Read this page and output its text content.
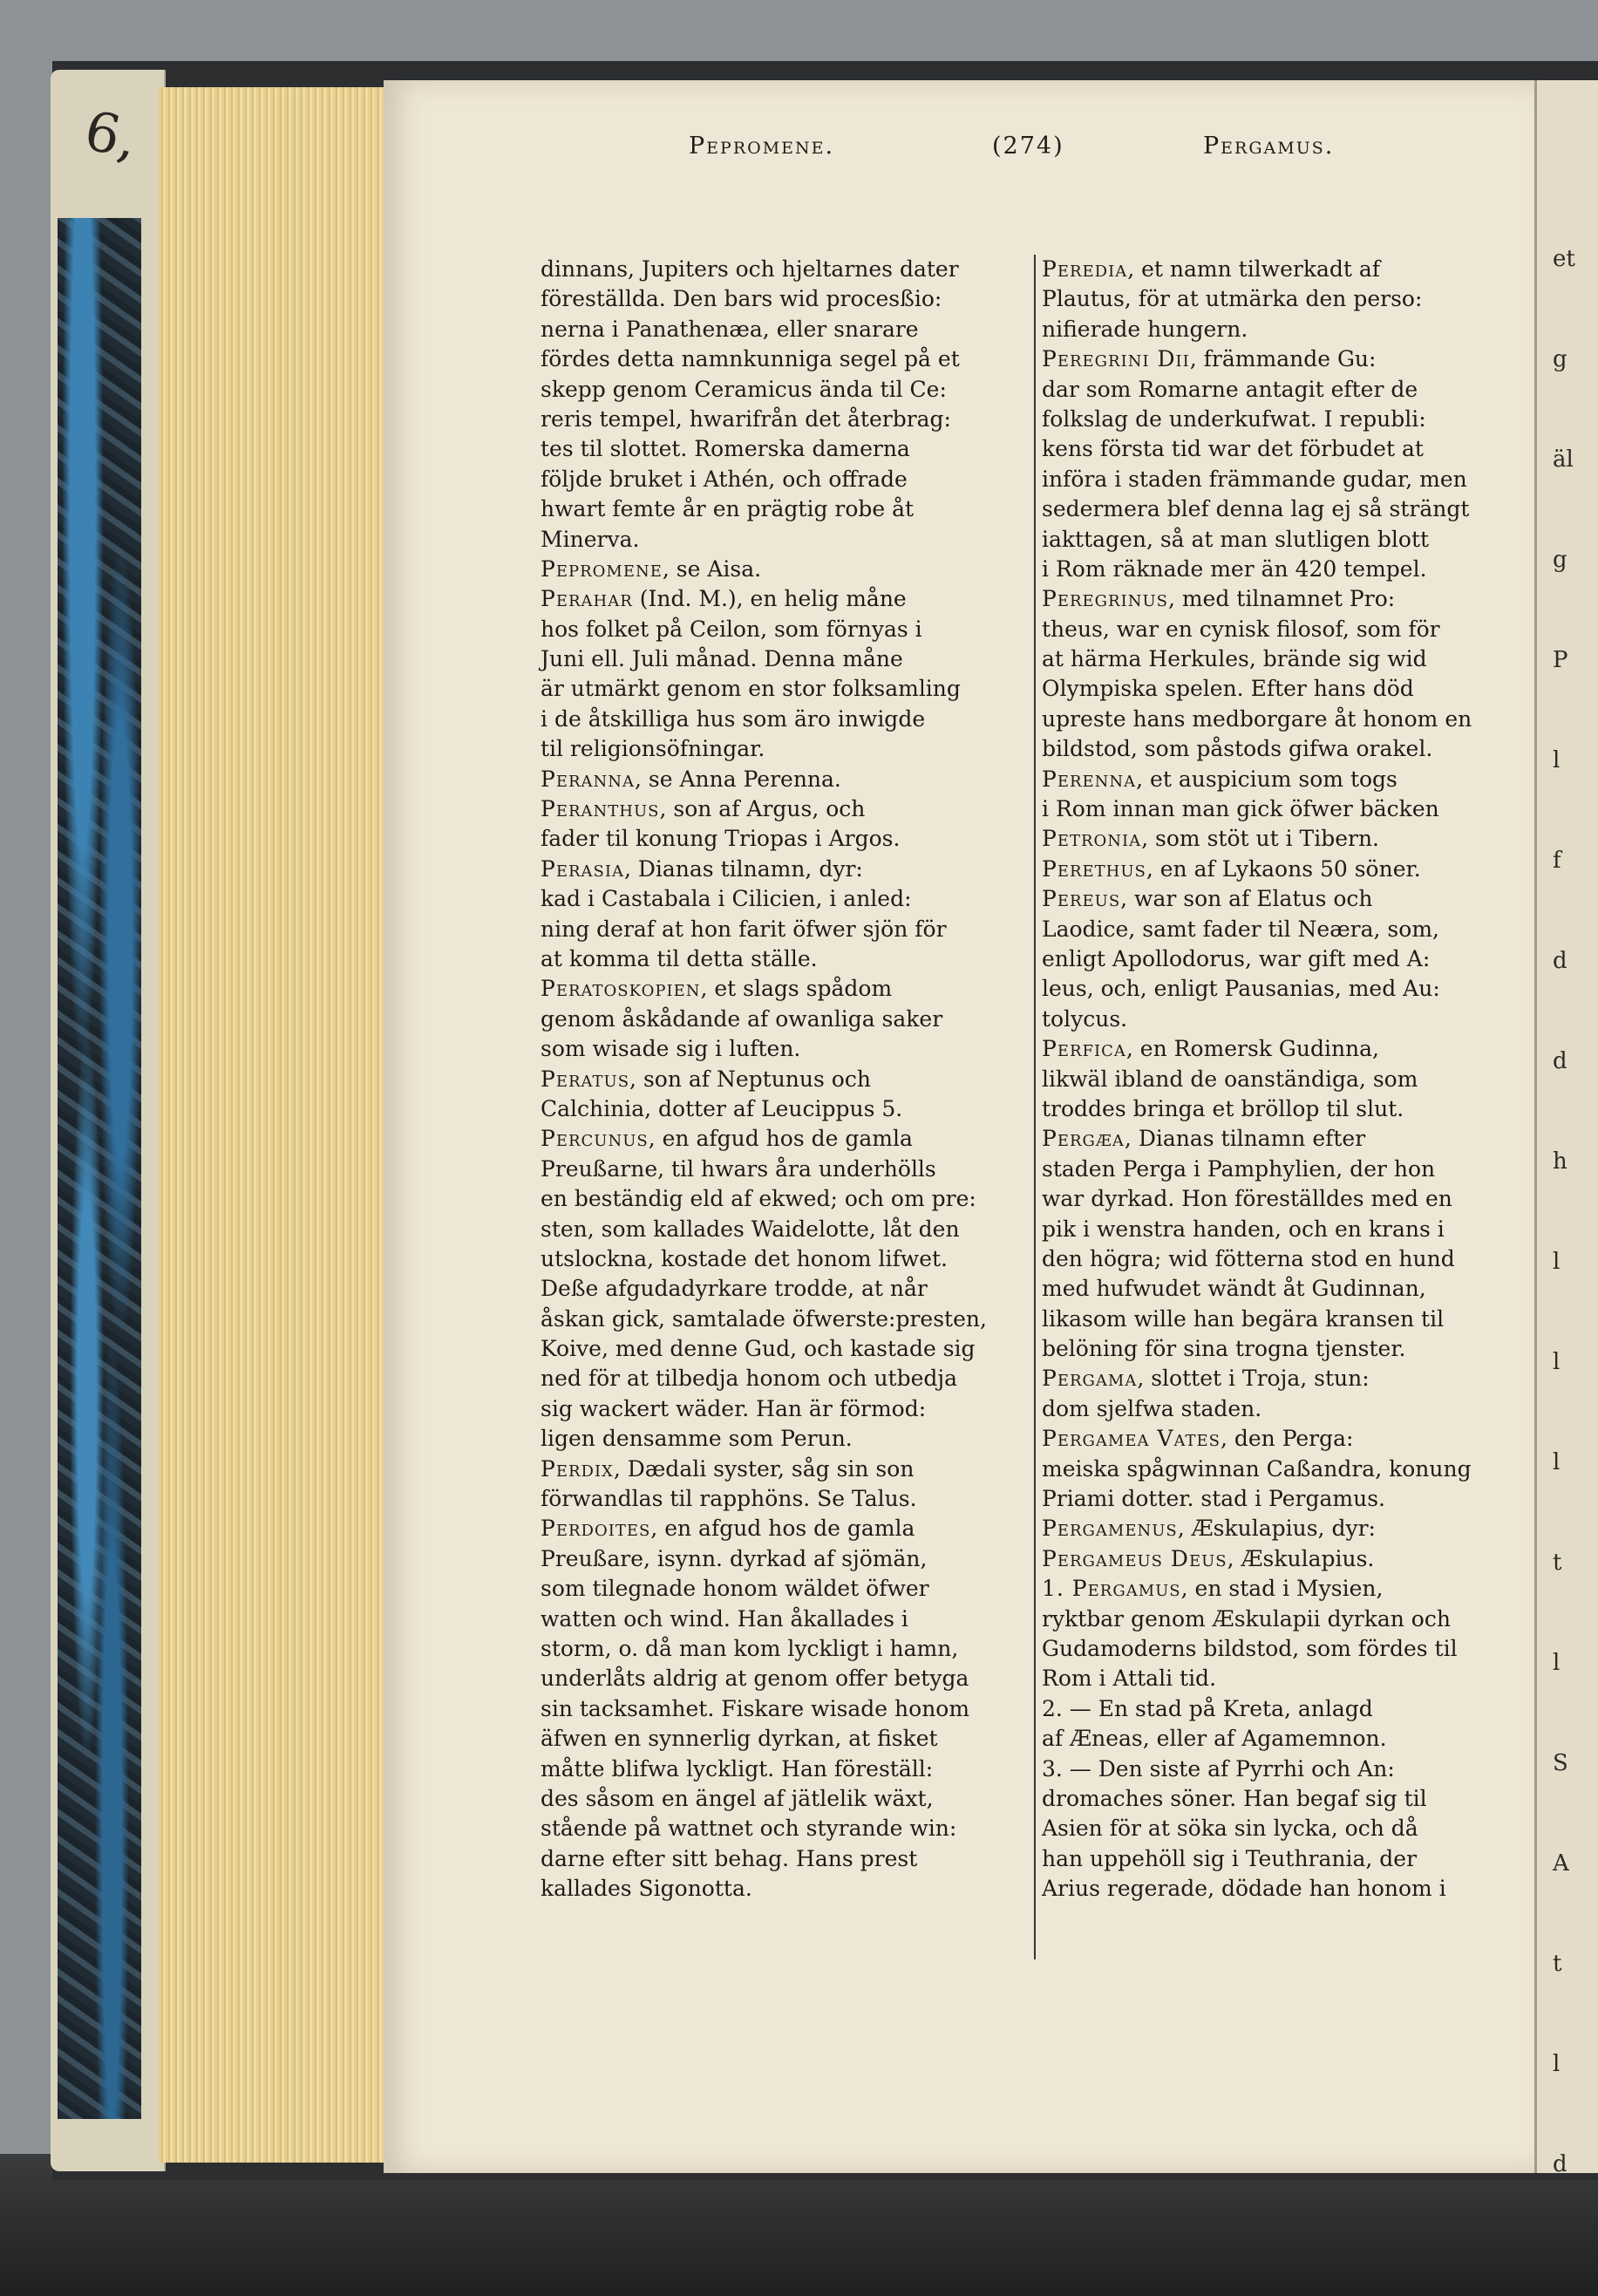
6,	Pepromene.	(274)	Pergamus.
dinnans, Jupiters och hjeltarnes dater
föreställda. Den bars wid procesßio:
nerna i Panathenæa, eller snarare
fördes detta namnkunniga segel på et
skepp genom Ceramicus ända til Ce:
reris tempel, hwarifrån det återbrag:
tes til slottet. Romerska damerna
följde bruket i Athén, och offrade
hwart femte år en prägtig robe åt
Minerva.
Pepromene, se Aisa.
Perahar (Ind. M.), en helig måne
hos folket på Ceilon, som förnyas i
Juni ell. Juli månad. Denna måne
är utmärkt genom en stor folksamling
i de åtskilliga hus som äro inwigde
til religionsöfningar.
Peranna, se Anna Perenna.
Peranthus, son af Argus, och
fader til konung Triopas i Argos.
Perasia, Dianas tilnamn, dyr:
kad i Castabala i Cilicien, i anled:
ning deraf at hon farit öfwer sjön för
at komma til detta ställe.
Peratoskopien, et slags spådom
genom åskådande af owanliga saker
som wisade sig i luften.
Peratus, son af Neptunus och
Calchinia, dotter af Leucippus 5.
Percunus, en afgud hos de gamla
Preußarne, til hwars åra underhölls
en beständig eld af ekwed; och om pre:
sten, som kallades Waidelotte, låt den
utslockna, kostade det honom lifwet.
Deße afgudadyrkare trodde, at når
åskan gick, samtalade öfwerste:presten,
Koive, med denne Gud, och kastade sig
ned för at tilbedja honom och utbedja
sig wackert wäder. Han är förmod:
ligen densamme som Perun.
Perdix, Dædali syster, såg sin son
förwandlas til rapphöns. Se Talus.
Perdoites, en afgud hos de gamla
Preußare, isynn. dyrkad af sjömän,
som tilegnade honom wäldet öfwer
watten och wind. Han åkallades i
storm, o. då man kom lyckligt i hamn,
underlåts aldrig at genom offer betyga
sin tacksamhet. Fiskare wisade honom
äfwen en synnerlig dyrkan, at fisket
måtte blifwa lyckligt. Han föreställ:
des såsom en ängel af jätlelik wäxt,
stående på wattnet och styrande win:
darne efter sitt behag. Hans prest
kallades Sigonotta.
Peredia, et namn tilwerkadt af
Plautus, för at utmärka den perso:
nifierade hungern.
Peregrini Dii, främmande Gu:
dar som Romarne antagit efter de
folkslag de underkufwat. I republi:
kens första tid war det förbudet at
införa i staden främmande gudar, men
sedermera blef denna lag ej så strängt
iakttagen, så at man slutligen blott
i Rom räknade mer än 420 tempel.
Peregrinus, med tilnamnet Pro:
theus, war en cynisk filosof, som för
at härma Herkules, brände sig wid
Olympiska spelen. Efter hans död
upreste hans medborgare åt honom en
bildstod, som påstods gifwa orakel.
Perenna, et auspicium som togs
i Rom innan man gick öfwer bäcken
Petronia, som stöt ut i Tibern.
Perethus, en af Lykaons 50 söner.
Pereus, war son af Elatus och
Laodice, samt fader til Neæra, som,
enligt Apollodorus, war gift med A:
leus, och, enligt Pausanias, med Au:
tolycus.
Perfica, en Romersk Gudinna,
likwäl ibland de oanständiga, som
troddes bringa et bröllop til slut.
Pergæa, Dianas tilnamn efter
staden Perga i Pamphylien, der hon
war dyrkad. Hon föreställdes med en
pik i wenstra handen, och en krans i
den högra; wid fötterna stod en hund
med hufwudet wändt åt Gudinnan,
likasom wille han begära kransen til
belöning för sina trogna tjenster.
Pergama, slottet i Troja, stun:
dom sjelfwa staden.
Pergamea Vates, den Perga:
meiska spågwinnan Caßandra, konung
Priami dotter. stad i Pergamus.
Pergamenus, Æskulapius, dyr:
Pergameus Deus, Æskulapius.
1. Pergamus, en stad i Mysien,
ryktbar genom Æskulapii dyrkan och
Gudamoderns bildstod, som fördes til
Rom i Attali tid.
2. — En stad på Kreta, anlagd
af Æneas, eller af Agamemnon.
3. — Den siste af Pyrrhi och An:
dromaches söner. Han begaf sig til
Asien för at söka sin lycka, och då
han uppehöll sig i Teuthrania, der
Arius regerade, dödade han honom i
et
g
äl
g
P
l
f
d
d
h
l
l
l
t
l
S
A
t
l
d
